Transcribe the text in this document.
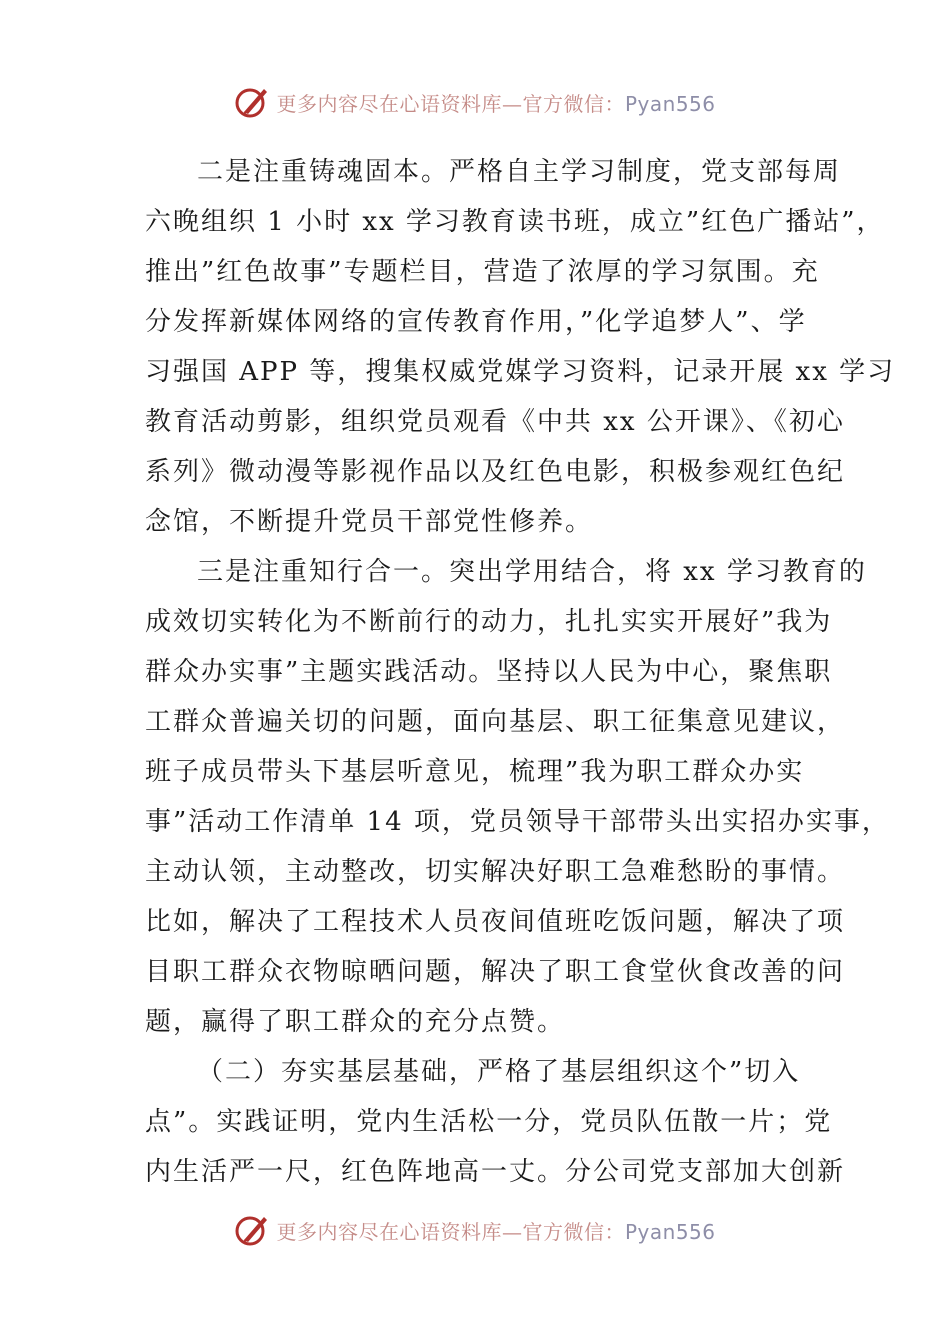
更多内容尽在心语资料库—官方微信：Pyan556
二是注重铸魂固本。严格自主学习制度，党支部每周
六晚组织 1 小时 xx 学习教育读书班，成立”红色广播站”，
推出”红色故事”专题栏目，营造了浓厚的学习氛围。充
分发挥新媒体网络的宣传教育作用，”化学追梦人”、学
习强国 APP 等，搜集权威党媒学习资料，记录开展 xx 学习
教育活动剪影，组织党员观看《中共 xx 公开课》、《初心
系列》微动漫等影视作品以及红色电影，积极参观红色纪
念馆，不断提升党员干部党性修养。
三是注重知行合一。突出学用结合，将 xx 学习教育的
成效切实转化为不断前行的动力，扎扎实实开展好”我为
群众办实事”主题实践活动。坚持以人民为中心，聚焦职
工群众普遍关切的问题，面向基层、职工征集意见建议，
班子成员带头下基层听意见，梳理”我为职工群众办实
事”活动工作清单 14 项，党员领导干部带头出实招办实事，
主动认领，主动整改，切实解决好职工急难愁盼的事情。
比如，解决了工程技术人员夜间值班吃饭问题，解决了项
目职工群众衣物晾晒问题，解决了职工食堂伙食改善的问
题，赢得了职工群众的充分点赞。
（二）夯实基层基础，严格了基层组织这个”切入
点”。实践证明，党内生活松一分，党员队伍散一片；党
内生活严一尺，红色阵地高一丈。分公司党支部加大创新
更多内容尽在心语资料库—官方微信：Pyan556
